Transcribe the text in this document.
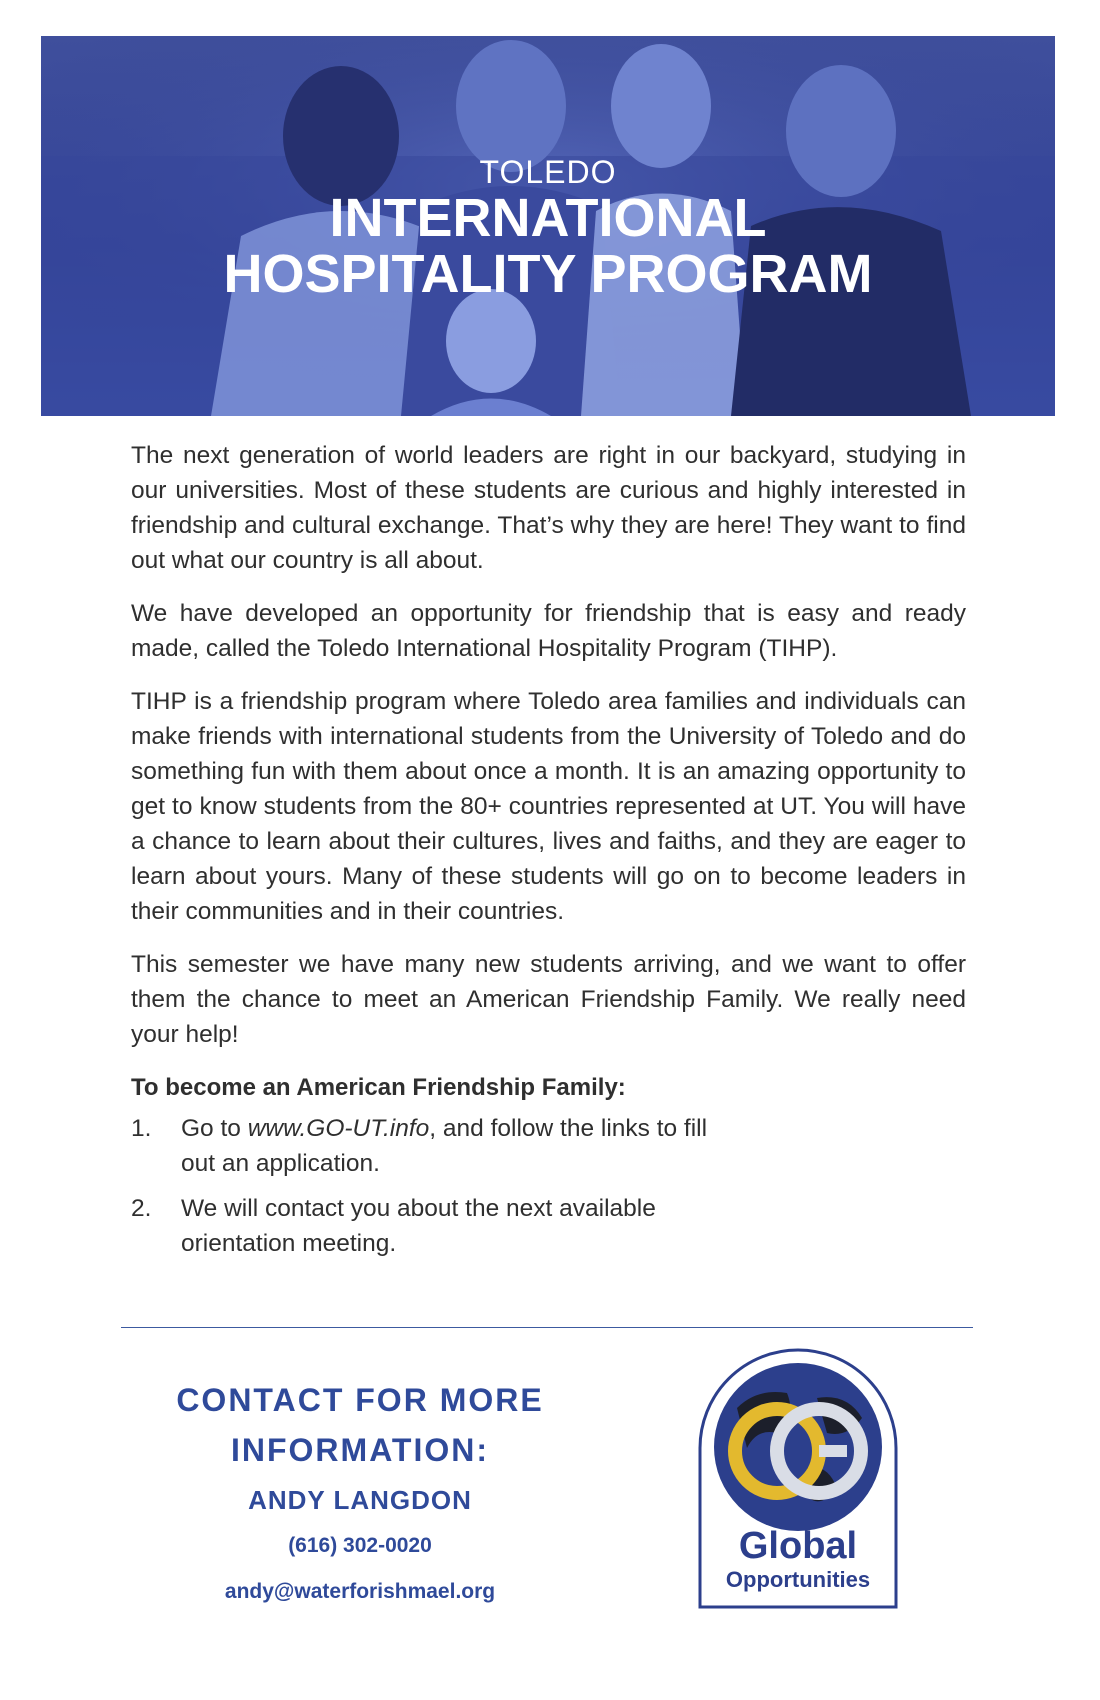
TOLEDO
INTERNATIONAL
HOSPITALITY PROGRAM

The next generation of world leaders are right in our backyard, studying in our universities. Most of these students are curious and highly interested in friendship and cultural exchange. That’s why they are here! They want to find out what our country is all about.

We have developed an opportunity for friendship that is easy and ready made, called the Toledo International Hospitality Program (TIHP).

TIHP is a friendship program where Toledo area families and individuals can make friends with international students from the University of Toledo and do something fun with them about once a month. It is an amazing opportunity to get to know students from the 80+ countries represented at UT. You will have a chance to learn about their cultures, lives and faiths, and they are eager to learn about yours. Many of these students will go on to become leaders in their communities and in their countries.

This semester we have many new students arriving, and we want to offer them the chance to meet an American Friendship Family. We really need your help!

To become an American Friendship Family:
1. Go to www.GO-UT.info, and follow the links to fill out an application.
2. We will contact you about the next available orientation meeting.
CONTACT FOR MORE
INFORMATION:
ANDY LANGDON
(616) 302-0020
andy@waterforishmael.org
Global
Opportunities
